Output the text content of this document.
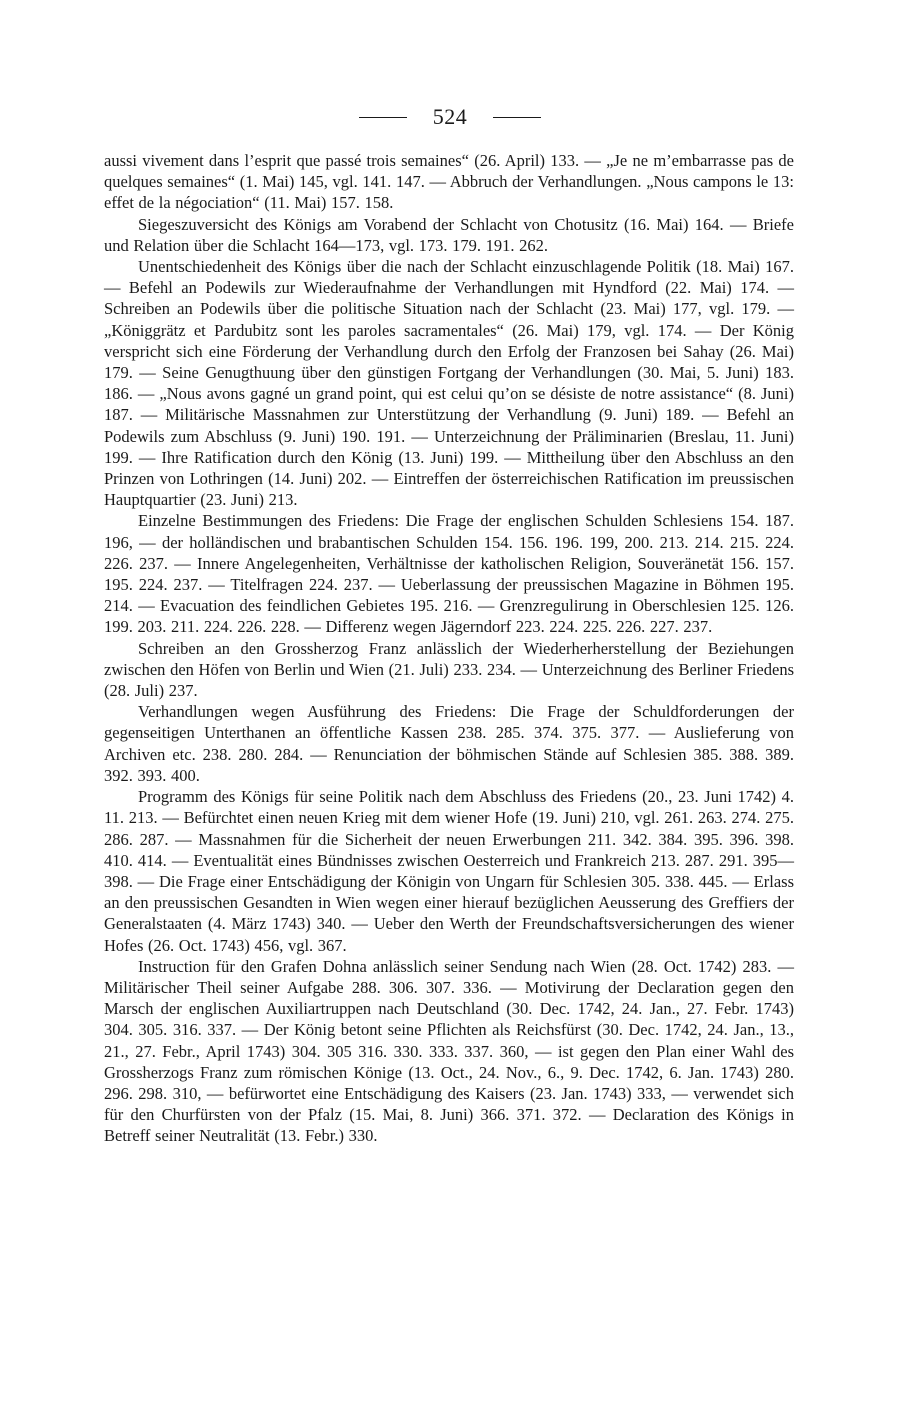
524

aussi vivement dans l’esprit que passé trois semaines“ (26. April) 133. — „Je ne m’embarrasse pas de quelques semaines“ (1. Mai) 145, vgl. 141. 147. — Abbruch der Verhandlungen. „Nous campons le 13: effet de la négociation“ (11. Mai) 157. 158.

Siegeszuversicht des Königs am Vorabend der Schlacht von Chotusitz (16. Mai) 164. — Briefe und Relation über die Schlacht 164—173, vgl. 173. 179. 191. 262.

Unentschiedenheit des Königs über die nach der Schlacht einzuschlagende Politik (18. Mai) 167. — Befehl an Podewils zur Wiederaufnahme der Verhandlungen mit Hyndford (22. Mai) 174. — Schreiben an Podewils über die politische Situation nach der Schlacht (23. Mai) 177, vgl. 179. — „Königgrätz et Pardubitz sont les paroles sacramentales“ (26. Mai) 179, vgl. 174. — Der König verspricht sich eine Förderung der Verhandlung durch den Erfolg der Franzosen bei Sahay (26. Mai) 179. — Seine Genugthuung über den günstigen Fortgang der Verhandlungen (30. Mai, 5. Juni) 183. 186. — „Nous avons gagné un grand point, qui est celui qu’on se désiste de notre assistance“ (8. Juni) 187. — Militärische Massnahmen zur Unterstützung der Verhandlung (9. Juni) 189. — Befehl an Podewils zum Abschluss (9. Juni) 190. 191. — Unterzeichnung der Präliminarien (Breslau, 11. Juni) 199. — Ihre Ratification durch den König (13. Juni) 199. — Mittheilung über den Abschluss an den Prinzen von Lothringen (14. Juni) 202. — Eintreffen der österreichischen Ratification im preussischen Hauptquartier (23. Juni) 213.

Einzelne Bestimmungen des Friedens: Die Frage der englischen Schulden Schlesiens 154. 187. 196, — der holländischen und brabantischen Schulden 154. 156. 196. 199, 200. 213. 214. 215. 224. 226. 237. — Innere Angelegenheiten, Verhältnisse der katholischen Religion, Souveränetät 156. 157. 195. 224. 237. — Titelfragen 224. 237. — Ueberlassung der preussischen Magazine in Böhmen 195. 214. — Evacuation des feindlichen Gebietes 195. 216. — Grenzregulirung in Oberschlesien 125. 126. 199. 203. 211. 224. 226. 228. — Differenz wegen Jägerndorf 223. 224. 225. 226. 227. 237.

Schreiben an den Grossherzog Franz anlässlich der Wiederherherstellung der Beziehungen zwischen den Höfen von Berlin und Wien (21. Juli) 233. 234. — Unterzeichnung des Berliner Friedens (28. Juli) 237.

Verhandlungen wegen Ausführung des Friedens: Die Frage der Schuldforderungen der gegenseitigen Unterthanen an öffentliche Kassen 238. 285. 374. 375. 377. — Auslieferung von Archiven etc. 238. 280. 284. — Renunciation der böhmischen Stände auf Schlesien 385. 388. 389. 392. 393. 400.

Programm des Königs für seine Politik nach dem Abschluss des Friedens (20., 23. Juni 1742) 4. 11. 213. — Befürchtet einen neuen Krieg mit dem wiener Hofe (19. Juni) 210, vgl. 261. 263. 274. 275. 286. 287. — Massnahmen für die Sicherheit der neuen Erwerbungen 211. 342. 384. 395. 396. 398. 410. 414. — Eventualität eines Bündnisses zwischen Oesterreich und Frankreich 213. 287. 291. 395—398. — Die Frage einer Entschädigung der Königin von Ungarn für Schlesien 305. 338. 445. — Erlass an den preussischen Gesandten in Wien wegen einer hierauf bezüglichen Aeusserung des Greffiers der Generalstaaten (4. März 1743) 340. — Ueber den Werth der Freundschaftsversicherungen des wiener Hofes (26. Oct. 1743) 456, vgl. 367.

Instruction für den Grafen Dohna anlässlich seiner Sendung nach Wien (28. Oct. 1742) 283. — Militärischer Theil seiner Aufgabe 288. 306. 307. 336. — Motivirung der Declaration gegen den Marsch der englischen Auxiliartruppen nach Deutschland (30. Dec. 1742, 24. Jan., 27. Febr. 1743) 304. 305. 316. 337. — Der König betont seine Pflichten als Reichsfürst (30. Dec. 1742, 24. Jan., 13., 21., 27. Febr., April 1743) 304. 305 316. 330. 333. 337. 360, — ist gegen den Plan einer Wahl des Grossherzogs Franz zum römischen Könige (13. Oct., 24. Nov., 6., 9. Dec. 1742, 6. Jan. 1743) 280. 296. 298. 310, — befürwortet eine Entschädigung des Kaisers (23. Jan. 1743) 333, — verwendet sich für den Churfürsten von der Pfalz (15. Mai, 8. Juni) 366. 371. 372. — Declaration des Königs in Betreff seiner Neutralität (13. Febr.) 330.
